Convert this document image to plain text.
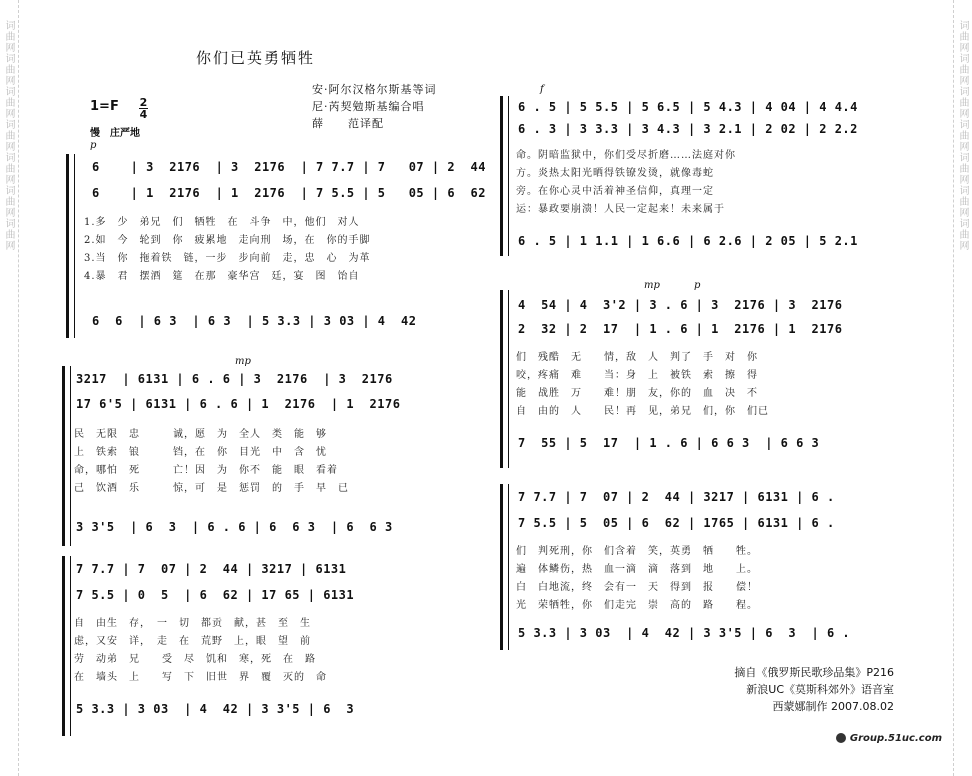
词曲网词曲网词曲网词曲网词曲网词曲网词曲网	词曲网词曲网词曲网词曲网词曲网词曲网词曲网
你们已英勇牺牲
安·阿尔汉格尔斯基等词
尼·芮契勉斯基编合唱
薛　　范译配
1=F 2
4
慢　庄严地
p
6    | 3  2176  | 3  2176  | 7 7.7 | 7   07 | 2  44
6    | 1  2176  | 1  2176  | 7 5.5 | 5   05 | 6  62
1.多　少　弟兄　们　牺牲　在　斗争　中，他们　对人
2.如　今　轮到　你　疲累地　走向刑　场，在　你的手脚
3.当　你　拖着铁　链，一步　步向前　走，忠　心　为革
4.暴　君　摆酒　筵　在那　豪华宫　廷，宴　图　饴自
6  6  | 6 3  | 6 3  | 5 3.3 | 3 03 | 4  42
mp
3217  | 6131 | 6 . 6 | 3  2176  | 3  2176
17 6'5 | 6131 | 6 . 6 | 1  2176  | 1  2176
民　无限　忠　　　诚，愿　为　全人　类　能　够
上　铁索　锒　　　铛，在　你　目光　中　含　忧
命，哪怕　死　　　亡！因　为　你不　能　眼　看着
己　饮酒　乐　　　惊，可　是　惩罚　的　手　早　已
3 3'5  | 6  3  | 6 . 6 | 6  6 3  | 6  6 3
7 7.7 | 7  07 | 2  44 | 3217 | 6131
7 5.5 | 0  5  | 6  62 | 17 65 | 6131
自　由生　存，　一　切　都贡　献，甚　至　生
虑，又安　详，　走　在　荒野　上，眼　望　前
劳　动弟　兄　　受　尽　饥和　寒，死　在　路
在　墙头　上　　写　下　旧世　界　覆　灭的　命
5 3.3 | 3 03  | 4  42 | 3 3'5 | 6  3
f
6 . 5 | 5 5.5 | 5 6.5 | 5 4.3 | 4 04 | 4 4.4
6 . 3 | 3 3.3 | 3 4.3 | 3 2.1 | 2 02 | 2 2.2
命。阴暗监狱中，你们受尽折磨……法庭对你
方。炎热太阳光晒得铁镣发烫，就像毒蛇
旁。在你心灵中活着神圣信仰，真理一定
运：暴政要崩溃！人民一定起来！未来属于
6 . 5 | 1 1.1 | 1 6.6 | 6 2.6 | 2 05 | 5 2.1
mp	p
4  54 | 4  3'2 | 3 . 6 | 3  2176 | 3  2176
2  32 | 2  17  | 1 . 6 | 1  2176 | 1  2176
们　残酷　无　　情，敌　人　判了　手　对　你
咬，疼痛　难　　当：身　上　被铁　索　擦　得
能　战胜　万　　难！朋　友，你的　血　决　不
自　由的　人　　民！再　见，弟兄　们，你　们已
7  55 | 5  17  | 1 . 6 | 6 6 3  | 6 6 3
7 7.7 | 7  07 | 2  44 | 3217 | 6131 | 6 .
7 5.5 | 5  05 | 6  62 | 1765 | 6131 | 6 .
们　判死刑，你　们含着　笑，英勇　牺　　牲。
遍　体鳞伤，热　血一滴　滴　落到　地　　上。
白　白地流，终　会有一　天　得到　报　　偿！
光　荣牺牲，你　们走完　崇　高的　路　　程。
5 3.3 | 3 03  | 4  42 | 3 3'5 | 6  3  | 6 .
摘自《俄罗斯民歌珍品集》P216
新浪UC《莫斯科郊外》语音室
西蒙娜制作 2007.08.02
Group.51uc.com
